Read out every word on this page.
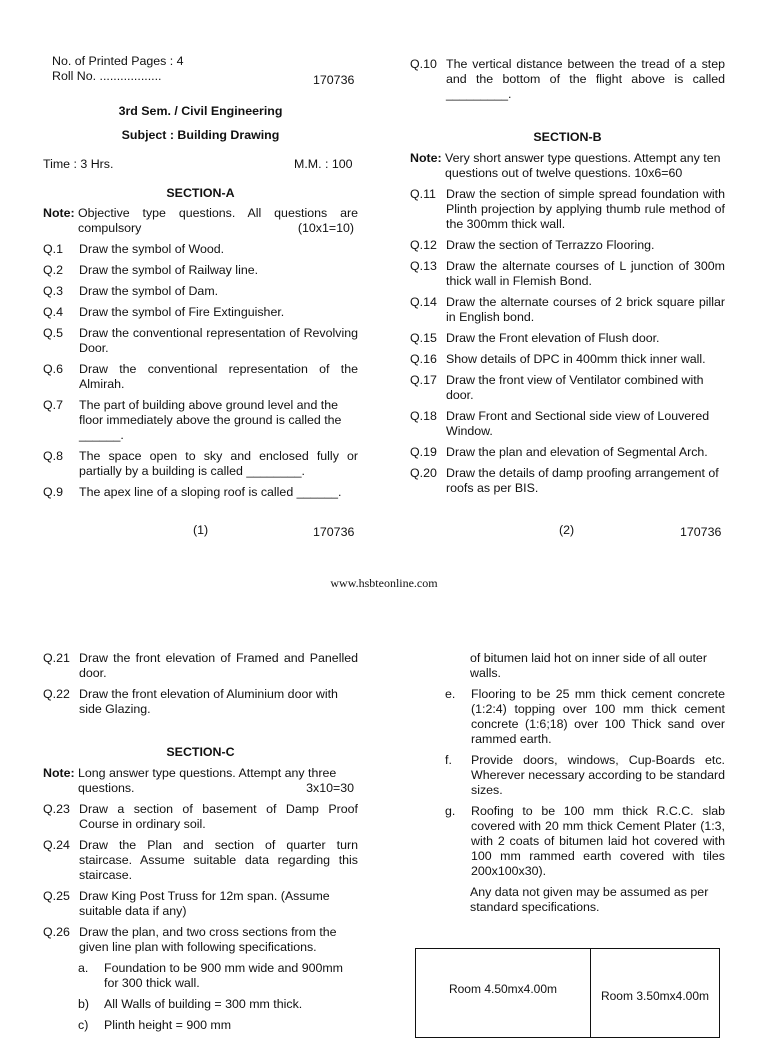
No. of Printed Pages : 4
Roll No. ..................	170736
3rd Sem. / Civil Engineering
Subject : Building Drawing
Time : 3 Hrs.	M.M. : 100
SECTION-A
Note: Objective type questions. All questions are compulsory	(10x1=10)
Q.1 Draw the symbol of Wood.
Q.2 Draw the symbol of Railway line.
Q.3 Draw the symbol of Dam.
Q.4 Draw the symbol of Fire Extinguisher.
Q.5 Draw the conventional representation of Revolving Door.
Q.6 Draw the conventional representation of the Almirah.
Q.7 The part of building above ground level and the floor immediately above the ground is called the ______.
Q.8 The space open to sky and enclosed fully or partially by a building is called ________.
Q.9 The apex line of a sloping roof is called ______.
(1)	170736
Q.10 The vertical distance between the tread of a step and the bottom of the flight above is called _________.
SECTION-B
Note: Very short answer type questions. Attempt any ten questions out of twelve questions. 10x6=60
Q.11 Draw the section of simple spread foundation with Plinth projection by applying thumb rule method of the 300mm thick wall.
Q.12 Draw the section of Terrazzo Flooring.
Q.13 Draw the alternate courses of L junction of 300m thick wall in Flemish Bond.
Q.14 Draw the alternate courses of 2 brick square pillar in English bond.
Q.15 Draw the Front elevation of Flush door.
Q.16 Show details of DPC in 400mm thick inner wall.
Q.17 Draw the front view of Ventilator combined with door.
Q.18 Draw Front and Sectional side view of Louvered Window.
Q.19 Draw the plan and elevation of Segmental Arch.
Q.20 Draw the details of damp proofing arrangement of roofs as per BIS.
(2)	170736
www.hsbteonline.com
Q.21 Draw the front elevation of Framed and Panelled door.
Q.22 Draw the front elevation of Aluminium door with side Glazing.
SECTION-C
Note: Long answer type questions. Attempt any three questions.	3x10=30
Q.23 Draw a section of basement of Damp Proof Course in ordinary soil.
Q.24 Draw the Plan and section of quarter turn staircase. Assume suitable data regarding this staircase.
Q.25 Draw King Post Truss for 12m span. (Assume suitable data if any)
Q.26 Draw the plan, and two cross sections from the given line plan with following specifications.
a. Foundation to be 900 mm wide and 900mm for 300 thick wall.
b) All Walls of building = 300 mm thick.
c) Plinth height = 900 mm
of bitumen laid hot on inner side of all outer walls.
e. Flooring to be 25 mm thick cement concrete (1:2:4) topping over 100 mm thick cement concrete (1:6;18) over 100 Thick sand over rammed earth.
f. Provide doors, windows, Cup-Boards etc. Wherever necessary according to be standard sizes.
g. Roofing to be 100 mm thick R.C.C. slab covered with 20 mm thick Cement Plater (1:3, with 2 coats of bitumen laid hot covered with 100 mm rammed earth covered with tiles 200x100x30).
Any data not given may be assumed as per standard specifications.
Room 4.50mx4.00m	Room 3.50mx4.00m
